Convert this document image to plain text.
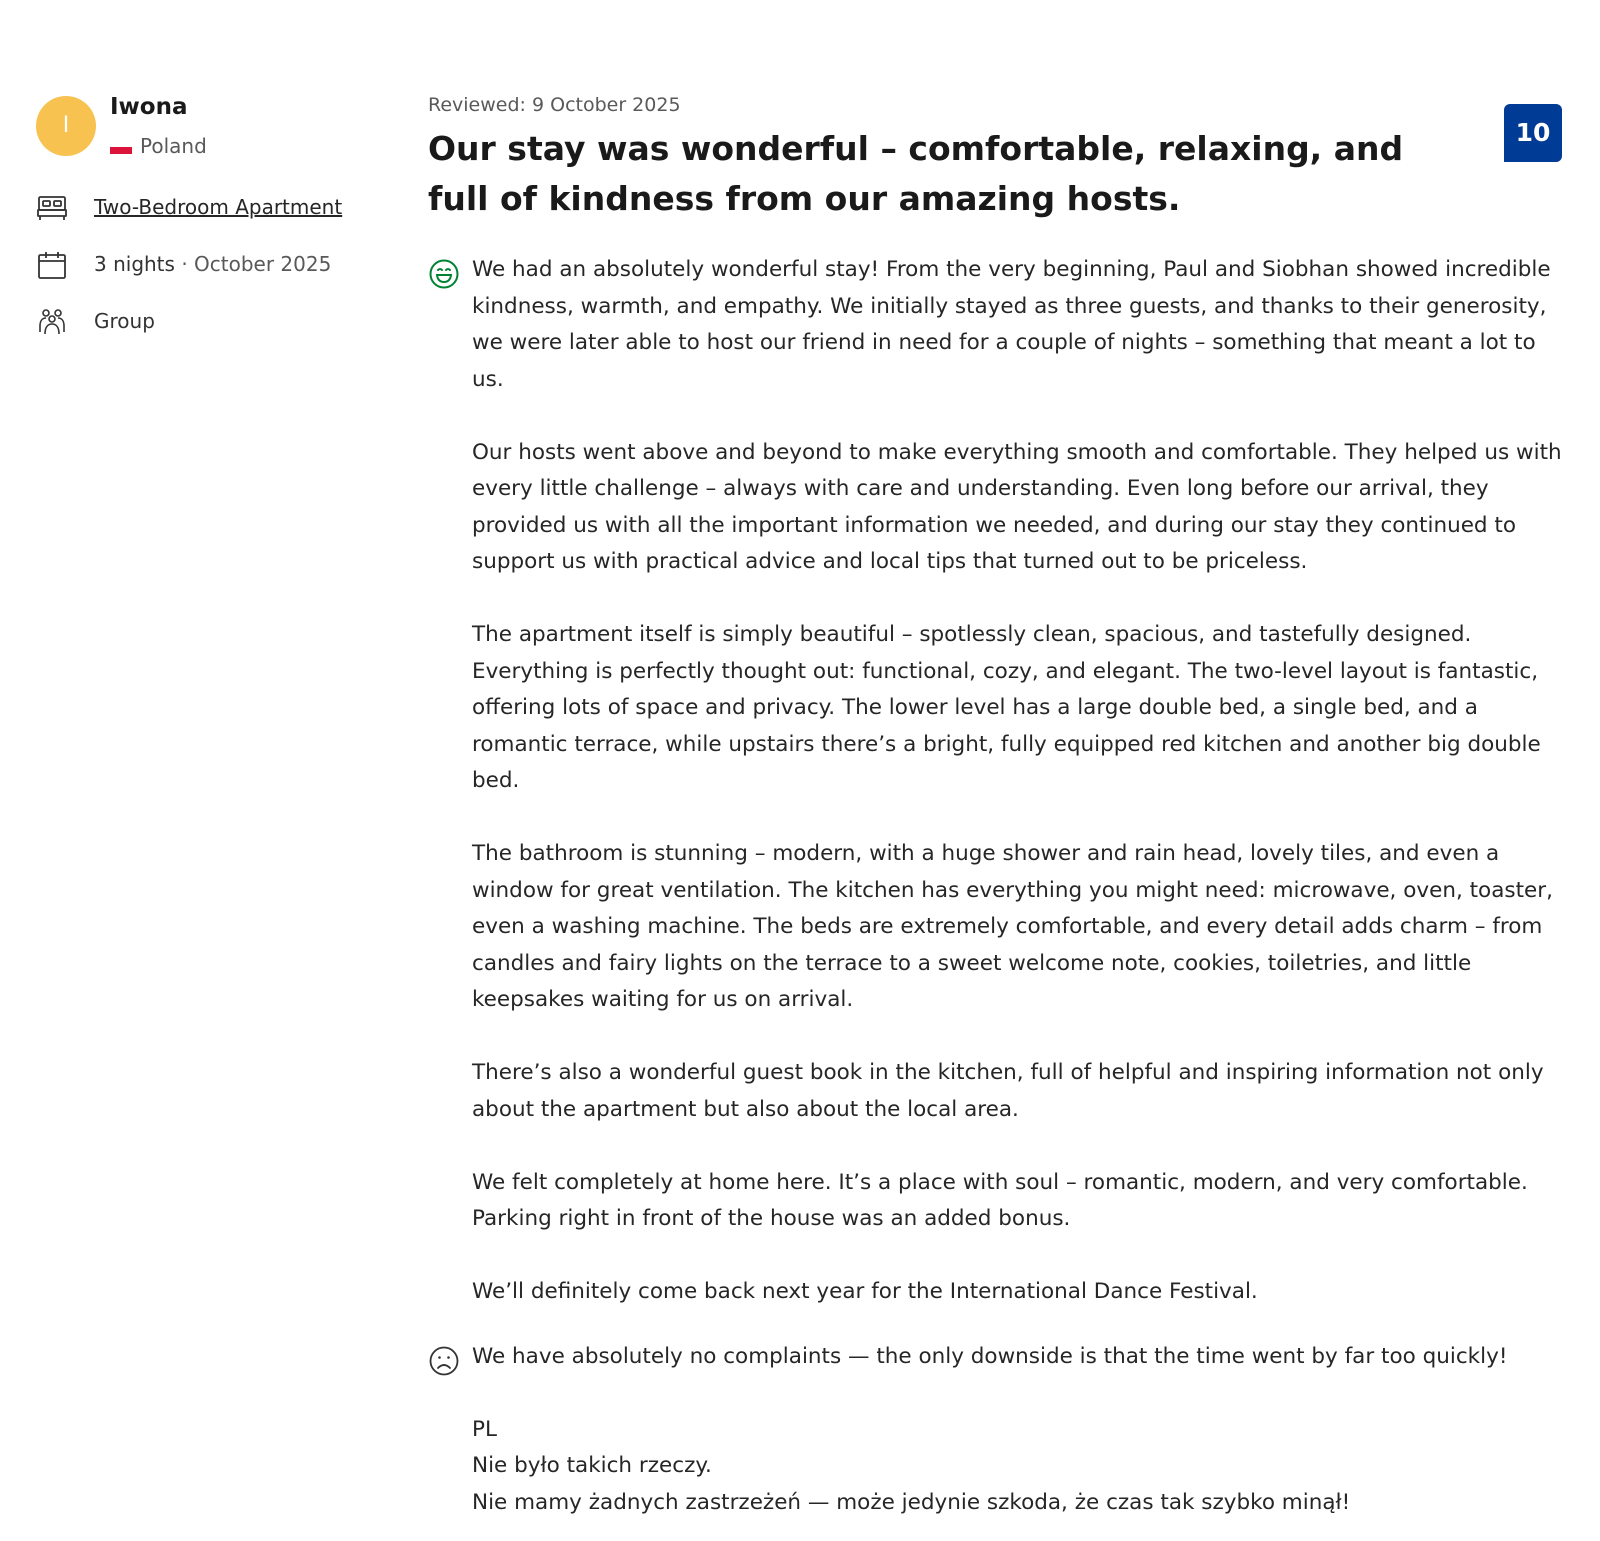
I
Iwona
Poland
Two-Bedroom Apartment
3 nights · October 2025
Group
Reviewed: 9 October 2025
Our stay was wonderful – comfortable, relaxing, and full of kindness from our amazing hosts.
10

We had an absolutely wonderful stay! From the very beginning, Paul and Siobhan showed incredible kindness, warmth, and empathy. We initially stayed as three guests, and thanks to their generosity, we were later able to host our friend in need for a couple of nights – something that meant a lot to us.

Our hosts went above and beyond to make everything smooth and comfortable. They helped us with every little challenge – always with care and understanding. Even long before our arrival, they provided us with all the important information we needed, and during our stay they continued to support us with practical advice and local tips that turned out to be priceless.

The apartment itself is simply beautiful – spotlessly clean, spacious, and tastefully designed. Everything is perfectly thought out: functional, cozy, and elegant. The two-level layout is fantastic, offering lots of space and privacy. The lower level has a large double bed, a single bed, and a romantic terrace, while upstairs there’s a bright, fully equipped red kitchen and another big double bed.

The bathroom is stunning – modern, with a huge shower and rain head, lovely tiles, and even a window for great ventilation. The kitchen has everything you might need: microwave, oven, toaster, even a washing machine. The beds are extremely comfortable, and every detail adds charm – from candles and fairy lights on the terrace to a sweet welcome note, cookies, toiletries, and little keepsakes waiting for us on arrival.

There’s also a wonderful guest book in the kitchen, full of helpful and inspiring information not only about the apartment but also about the local area.

We felt completely at home here. It’s a place with soul – romantic, modern, and very comfortable. Parking right in front of the house was an added bonus.

We’ll definitely come back next year for the International Dance Festival.

We have absolutely no complaints — the only downside is that the time went by far too quickly!

PL
Nie było takich rzeczy.
Nie mamy żadnych zastrzeżeń — może jedynie szkoda, że czas tak szybko minął!
